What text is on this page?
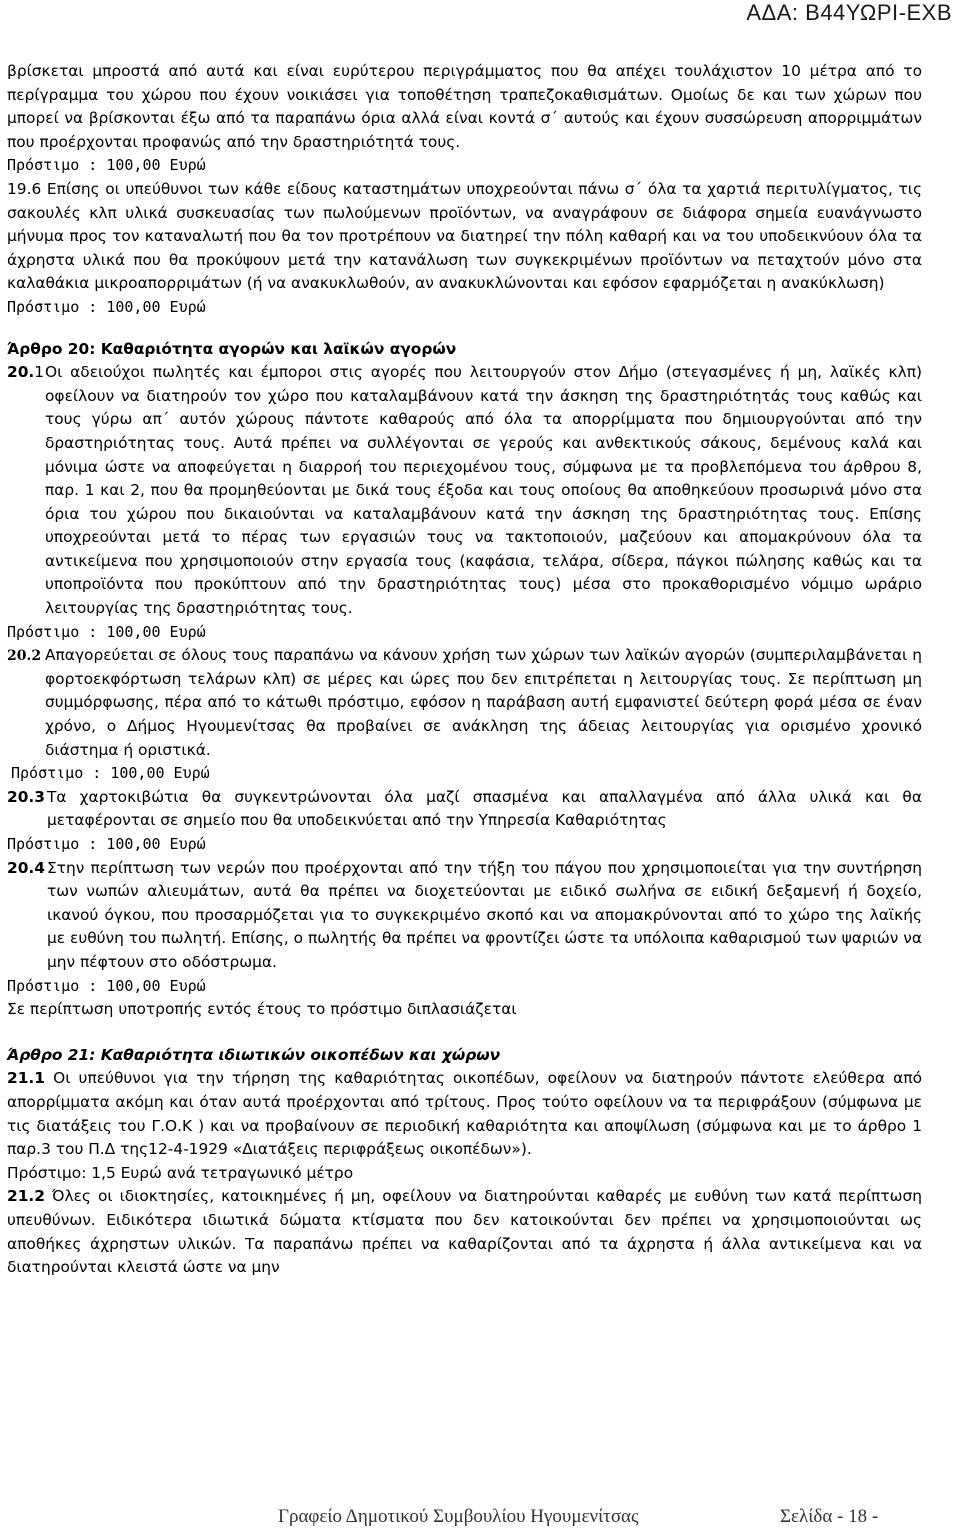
ΑΔΑ: Β44ΥΩΡΙ-ΕΧΒ

βρίσκεται μπροστά από αυτά και είναι ευρύτερου περιγράμματος που θα απέχει τουλάχιστον 10 μέτρα από το περίγραμμα του χώρου που έχουν νοικιάσει για τοποθέτηση τραπεζοκαθισμάτων. Ομοίως δε και των χώρων που μπορεί να βρίσκονται έξω από τα παραπάνω όρια αλλά είναι κοντά σ΄ αυτούς και έχουν συσσώρευση απορριμμάτων που προέρχονται προφανώς από την δραστηριότητά τους.

Πρόστιμο : 100,00 Ευρώ

19.6 Επίσης οι υπεύθυνοι των κάθε είδους καταστημάτων υποχρεούνται πάνω σ΄ όλα τα χαρτιά περιτυλίγματος, τις σακουλές κλπ υλικά συσκευασίας των πωλούμενων προϊόντων, να αναγράφουν σε διάφορα σημεία ευανάγνωστο μήνυμα προς τον καταναλωτή που θα τον προτρέπουν να διατηρεί την πόλη καθαρή και να του υποδεικνύουν όλα τα άχρηστα υλικά που θα προκύψουν μετά την κατανάλωση των συγκεκριμένων προϊόντων να πεταχτούν μόνο στα καλαθάκια μικροαπορριμάτων (ή να ανακυκλωθούν, αν ανακυκλώνονται και εφόσον εφαρμόζεται η ανακύκλωση)

Πρόστιμο : 100,00 Ευρώ

Άρθρο 20: Καθαριότητα αγορών και λαϊκών αγορών

20.1 Οι αδειούχοι πωλητές και έμποροι στις αγορές που λειτουργούν στον Δήμο (στεγασμένες ή μη, λαϊκές κλπ) οφείλουν να διατηρούν τον χώρο που καταλαμβάνουν κατά την άσκηση της δραστηριότητάς τους καθώς και τους γύρω απ΄ αυτόν χώρους πάντοτε καθαρούς από όλα τα απορρίμματα που δημιουργούνται από την δραστηριότητας τους. Αυτά πρέπει να συλλέγονται σε γερούς και ανθεκτικούς σάκους, δεμένους καλά και μόνιμα ώστε να αποφεύγεται η διαρροή του περιεχομένου τους, σύμφωνα με τα προβλεπόμενα του άρθρου 8, παρ. 1 και 2, που θα προμηθεύονται με δικά τους έξοδα και τους οποίους θα αποθηκεύουν προσωρινά μόνο στα όρια του χώρου που δικαιούνται να καταλαμβάνουν κατά την άσκηση της δραστηριότητας τους. Επίσης υποχρεούνται μετά το πέρας των εργασιών τους να τακτοποιούν, μαζεύουν και απομακρύνουν όλα τα αντικείμενα που χρησιμοποιούν στην εργασία τους (καφάσια, τελάρα, σίδερα, πάγκοι πώλησης καθώς και τα υποπροϊόντα που προκύπτουν από την δραστηριότητας τους) μέσα στο προκαθορισμένο νόμιμο ωράριο λειτουργίας της δραστηριότητας τους.

Πρόστιμο : 100,00 Ευρώ

20.2 Απαγορεύεται σε όλους τους παραπάνω να κάνουν χρήση των χώρων των λαϊκών αγορών (συμπεριλαμβάνεται η φορτοεκφόρτωση τελάρων κλπ) σε μέρες και ώρες που δεν επιτρέπεται η λειτουργίας τους. Σε περίπτωση μη συμμόρφωσης, πέρα από το κάτωθι πρόστιμο, εφόσον η παράβαση αυτή εμφανιστεί δεύτερη φορά μέσα σε έναν χρόνο, ο Δήμος Ηγουμενίτσας θα προβαίνει σε ανάκληση της άδειας λειτουργίας για ορισμένο χρονικό διάστημα ή οριστικά.

Πρόστιμο : 100,00 Ευρώ

20.3 Τα χαρτοκιβώτια θα συγκεντρώνονται όλα μαζί σπασμένα και απαλλαγμένα από άλλα υλικά και θα μεταφέρονται σε σημείο που θα υποδεικνύεται από την Υπηρεσία Καθαριότητας

Πρόστιμο : 100,00 Ευρώ

20.4 Στην περίπτωση των νερών που προέρχονται από την τήξη του πάγου που χρησιμοποιείται για την συντήρηση των νωπών αλιευμάτων, αυτά θα πρέπει να διοχετεύονται με ειδικό σωλήνα σε ειδική δεξαμενή ή δοχείο, ικανού όγκου, που προσαρμόζεται για το συγκεκριμένο σκοπό και να απομακρύνονται από το χώρο της λαϊκής με ευθύνη του πωλητή. Επίσης, ο πωλητής θα πρέπει να φροντίζει ώστε τα υπόλοιπα καθαρισμού των ψαριών να μην πέφτουν στο οδόστρωμα.

Πρόστιμο : 100,00 Ευρώ

Σε περίπτωση υποτροπής εντός έτους το πρόστιμο διπλασιάζεται

Άρθρο 21: Καθαριότητα ιδιωτικών οικοπέδων και χώρων

21.1 Οι υπεύθυνοι για την τήρηση της καθαριότητας οικοπέδων, οφείλουν να διατηρούν πάντοτε ελεύθερα από απορρίμματα ακόμη και όταν αυτά προέρχονται από τρίτους. Προς τούτο οφείλουν να τα περιφράξουν (σύμφωνα με τις διατάξεις του Γ.Ο.Κ ) και να προβαίνουν σε περιοδική καθαριότητα και αποψίλωση (σύμφωνα και με το άρθρο 1 παρ.3 του Π.Δ της12-4-1929 «Διατάξεις περιφράξεως οικοπέδων»).

Πρόστιμο: 1,5 Ευρώ ανά τετραγωνικό μέτρο

21.2 Όλες οι ιδιοκτησίες, κατοικημένες ή μη, οφείλουν να διατηρούνται καθαρές με ευθύνη των κατά περίπτωση υπευθύνων. Ειδικότερα ιδιωτικά δώματα κτίσματα που δεν κατοικούνται δεν πρέπει να χρησιμοποιούνται ως αποθήκες άχρηστων υλικών. Τα παραπάνω πρέπει να καθαρίζονται από τα άχρηστα ή άλλα αντικείμενα και να διατηρούνται κλειστά ώστε να μην

Γραφείο Δημοτικού Συμβουλίου Ηγουμενίτσας	Σελίδα - 18 -
